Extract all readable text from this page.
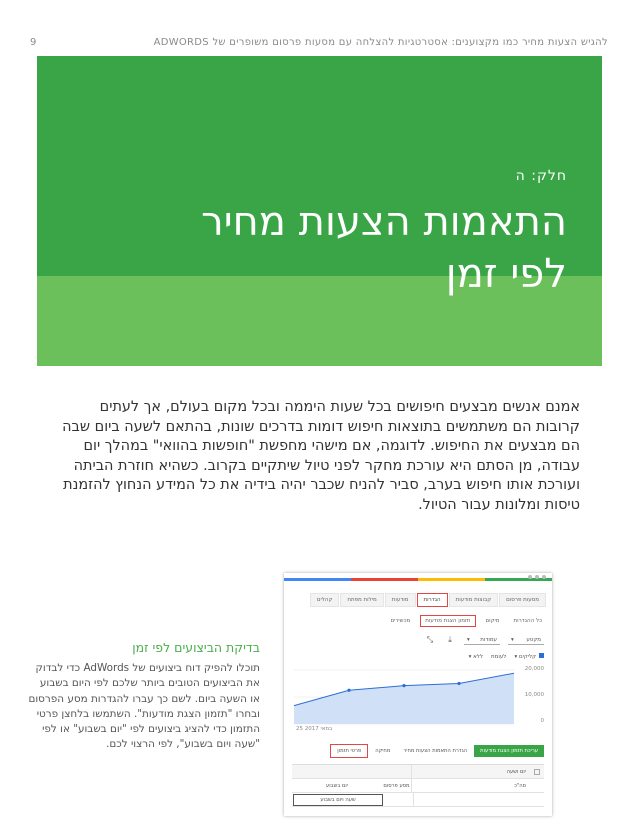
9	להגיש הצעות מחיר כמו מקצוענים: אסטרטגיות להצלחה עם מסעות פרסום משופרים של ADWORDS
חלק: ה
התאמות הצעות מחיר
לפי זמן

אמנם אנשים מבצעים חיפושים בכל שעות היממה ובכל מקום בעולם, אך לעתים קרובות הם משתמשים בתוצאות חיפוש דומות בדרכים שונות, בהתאם לשעה ביום שבה הם מבצעים את החיפוש. לדוגמה, אם מישהי מחפשת "חופשות בהוואי" במהלך יום עבודה, מן הסתם היא עורכת מחקר לפני טיול שיתקיים בקרוב. כשהיא חוזרת הביתה ועורכת אותו חיפוש בערב, סביר להניח שכבר יהיה בידיה את כל המידע הנחוץ להזמנת טיסות ומלונות עבור הטיול.

בדיקת הביצועים לפי זמן

תוכלו להפיק דוח ביצועים של AdWords כדי לבדוק את הביצועים הטובים ביותר שלכם לפי היום בשבוע או השעה ביום. לשם כך עברו להגדרות מסע הפרסום ובחרו "תזמון הצגת מודעות". השתמשו בלחצן פרטי התזמון כדי להציג ביצועים לפי "יום בשבוע" או לפי "שעה ויום בשבוע", לפי הרצוי לכם.

מסעות פרסום
קבוצות מודעות
הגדרות
מודעות
מילות מפתח
קהלים
כל ההגדרות
מיקום
תזמון הצגת מודעות
מכשירים
מקטע
▾
עמודות
▾
⤓
⤡
קליקים ▾
לעומת
ללא ▾
20,000
10,000
0
25 במאי 2017
עריכת תזמון הצגת מודעות
הגדרת התאמות הצעות מחיר
מחיקה
פרטי תזמון
יום ושעה
סה"כ
מסע פרסום
יום בשבוע
שעה ויום בשבוע
